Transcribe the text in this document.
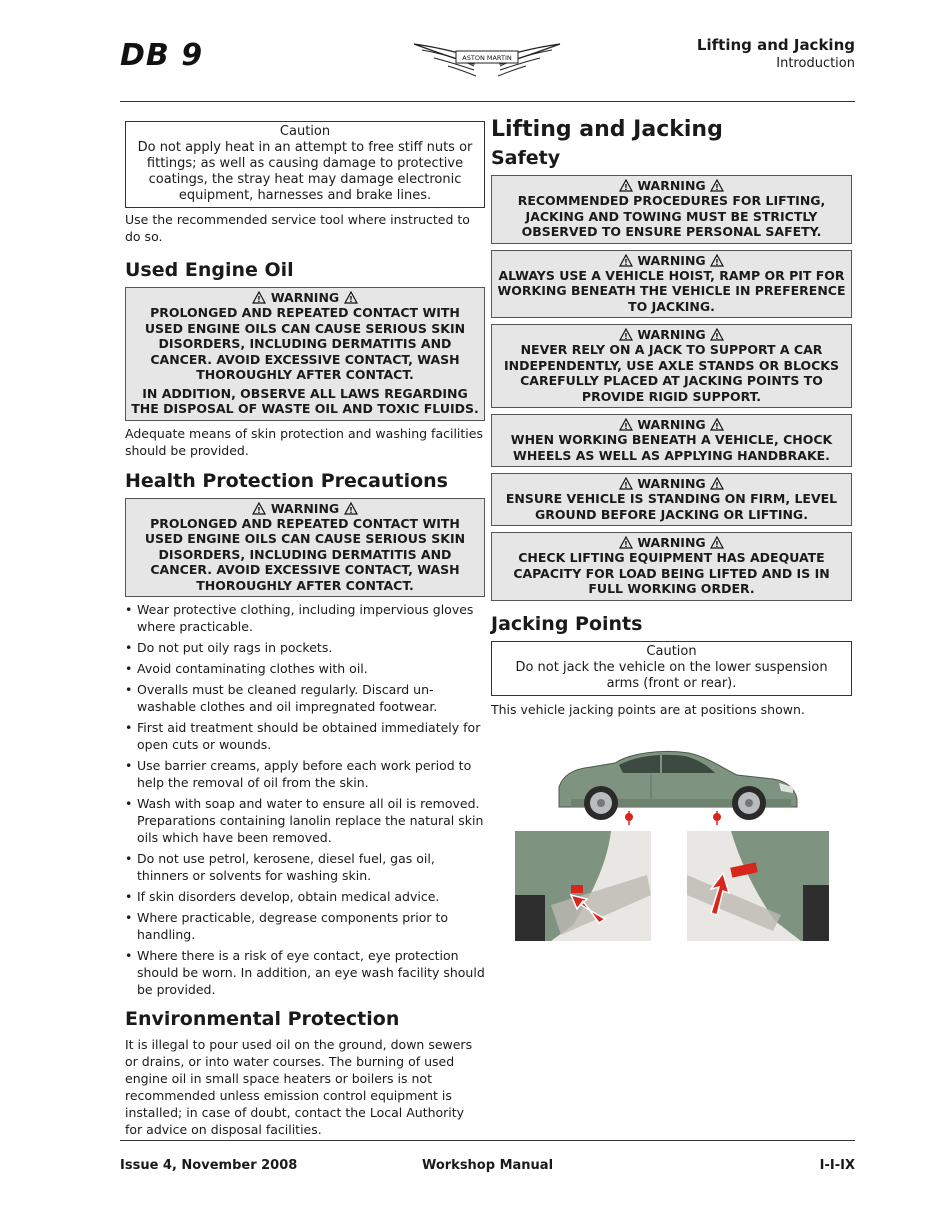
DB 9	ASTON MARTIN
Lifting and Jacking
Introduction
Caution
Do not apply heat in an attempt to free stiff nuts or fittings; as well as causing damage to protective coatings, the stray heat may damage electronic equipment, harnesses and brake lines.

Use the recommended service tool where instructed to do so.

Used Engine Oil
! WARNING !
PROLONGED AND REPEATED CONTACT WITH USED ENGINE OILS CAN CAUSE SERIOUS SKIN DISORDERS, INCLUDING DERMATITIS AND CANCER. AVOID EXCESSIVE CONTACT, WASH THOROUGHLY AFTER CONTACT.
IN ADDITION, OBSERVE ALL LAWS REGARDING THE DISPOSAL OF WASTE OIL AND TOXIC FLUIDS.

Adequate means of skin protection and washing facilities should be provided.

Health Protection Precautions
! WARNING !
PROLONGED AND REPEATED CONTACT WITH USED ENGINE OILS CAN CAUSE SERIOUS SKIN DISORDERS, INCLUDING DERMATITIS AND CANCER. AVOID EXCESSIVE CONTACT, WASH THOROUGHLY AFTER CONTACT.
• Wear protective clothing, including impervious gloves where practicable.
• Do not put oily rags in pockets.
• Avoid contaminating clothes with oil.
• Overalls must be cleaned regularly. Discard un-washable clothes and oil impregnated footwear.
• First aid treatment should be obtained immediately for open cuts or wounds.
• Use barrier creams, apply before each work period to help the removal of oil from the skin.
• Wash with soap and water to ensure all oil is removed. Preparations containing lanolin replace the natural skin oils which have been removed.
• Do not use petrol, kerosene, diesel fuel, gas oil, thinners or solvents for washing skin.
• If skin disorders develop, obtain medical advice.
• Where practicable, degrease components prior to handling.
• Where there is a risk of eye contact, eye protection should be worn. In addition, an eye wash facility should be provided.
Environmental Protection

It is illegal to pour used oil on the ground, down sewers or drains, or into water courses. The burning of used engine oil in small space heaters or boilers is not recommended unless emission control equipment is installed; in case of doubt, contact the Local Authority for advice on disposal facilities.

Lifting and Jacking
Safety
! WARNING !
RECOMMENDED PROCEDURES FOR LIFTING, JACKING AND TOWING MUST BE STRICTLY OBSERVED TO ENSURE PERSONAL SAFETY.
! WARNING !
ALWAYS USE A VEHICLE HOIST, RAMP OR PIT FOR WORKING BENEATH THE VEHICLE IN PREFERENCE TO JACKING.
! WARNING !
NEVER RELY ON A JACK TO SUPPORT A CAR INDEPENDENTLY, USE AXLE STANDS OR BLOCKS CAREFULLY PLACED AT JACKING POINTS TO PROVIDE RIGID SUPPORT.
! WARNING !
WHEN WORKING BENEATH A VEHICLE, CHOCK WHEELS AS WELL AS APPLYING HANDBRAKE.
! WARNING !
ENSURE VEHICLE IS STANDING ON FIRM, LEVEL GROUND BEFORE JACKING OR LIFTING.
! WARNING !
CHECK LIFTING EQUIPMENT HAS ADEQUATE CAPACITY FOR LOAD BEING LIFTED AND IS IN FULL WORKING ORDER.
Jacking Points
Caution
Do not jack the vehicle on the lower suspension arms (front or rear).

This vehicle jacking points are at positions shown.

Issue 4, November 2008	Workshop Manual	I-I-IX
